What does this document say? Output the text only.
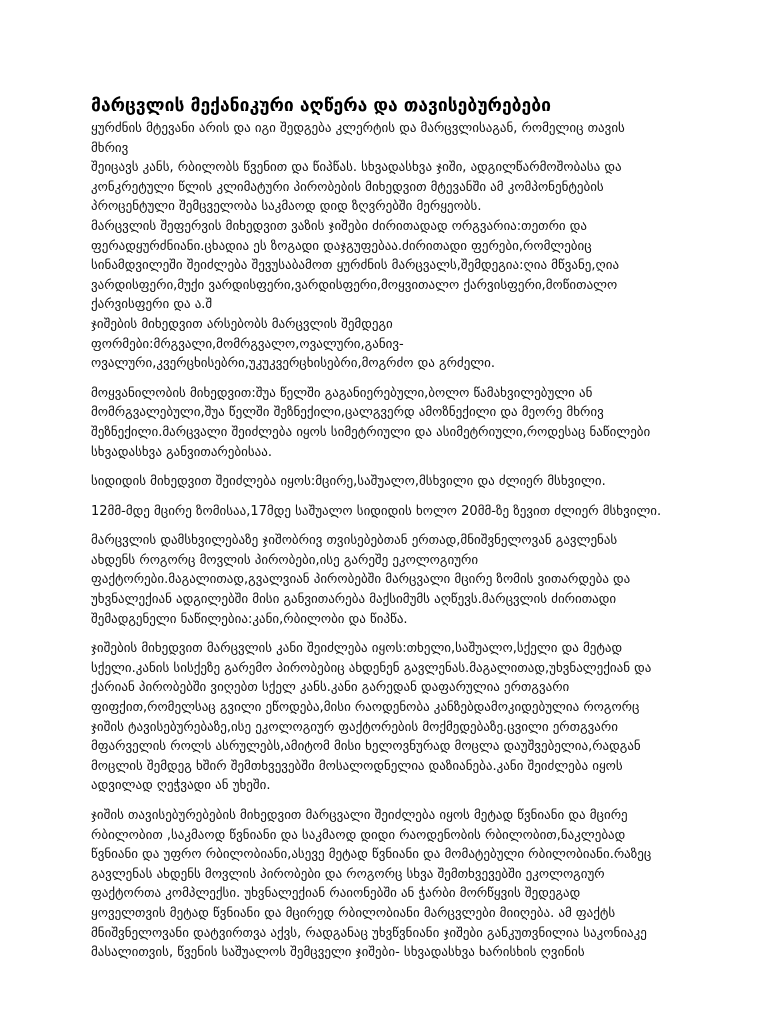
მარცვლის მექანიკური აღწერა და თავისებურებები
ყურძნის მტევანი არის და იგი შედგება კლერტის და მარცვლისაგან, რომელიც თავის
მხრივ
შეიცავს კანს, რბილობს წვენით და წიპწას. სხვადასხვა ჯიში, ადგილწარმოშობასა და
კონკრეტული წლის კლიმატური პირობების მიხედვით მტევანში ამ კომპონენტების
პროცენტული შემცველობა საკმაოდ დიდ ზღვრებში მერყეობს.
მარცვლის შეფერვის მიხედვით ვაზის ჯიშები ძირითადად ორგვარია:თეთრი და
ფერადყურძნიანი.ცხადია ეს ზოგადი დაჯგუფებაა.ძირითადი ფერები,რომლებიც
სინამდვილეში შეიძლება შევუსაბამოთ ყურძნის მარცვალს,შემდეგია:ღია მწვანე,ღია
ვარდისფერი,მუქი ვარდისფერი,ვარდისფერი,მოყვითალო ქარვისფერი,მოწითალო
ქარვისფერი და ა.შ
ჯიშების მიხედვით არსებობს მარცვლის შემდეგი
ფორმები:მრგვალი,მომრგვალო,ოვალური,განივ-
ოვალური,კვერცხისებრი,უკუკვერცხისებრი,მოგრძო და გრძელი.
მოყვანილობის მიხედვით:შუა წელში გაგანიერებული,ბოლო წამახვილებული ან
მომრგვალებული,შუა წელში შეზნექილი,ცალგვერდ ამოზნექილი და მეორე მხრივ
შეზნექილი.მარცვალი შეიძლება იყოს სიმეტრიული და ასიმეტრიული,როდესაც ნაწილები
სხვადასხვა განვითარებისაა.
სიდიდის მიხედვით შეიძლება იყოს:მცირე,საშუალო,მსხვილი და ძლიერ მსხვილი.
12მმ-მდე მცირე ზომისაა,17მდე საშუალო სიდიდის ხოლო 20მმ-ზე ზევით ძლიერ მსხვილი.
მარცვლის დამსხვილებაზე ჯიშობრივ თვისებებთან ერთად,მნიშვნელოვან გავლენას
ახდენს როგორც მოვლის პირობები,ისე გარეშე ეკოლოგიური
ფაქტორები.მაგალითად,გვალვიან პირობებში მარცვალი მცირე ზომის ვითარდება და
უხვნალექიან ადგილებში მისი განვითარება მაქსიმუმს აღწევს.მარცვლის ძირითადი
შემადგენელი ნაწილებია:კანი,რბილობი და წიპწა.
ჯიშების მიხედვით მარცვლის კანი შეიძლება იყოს:თხელი,საშუალო,სქელი და მეტად
სქელი.კანის სისქეზე გარემო პირობებიც ახდენენ გავლენას.მაგალითად,უხვნალექიან და
ქარიან პირობებში ვიღებთ სქელ კანს.კანი გარედან დაფარულია ერთგვარი
ფიფქით,რომელსაც გვილი ეწოდება,მისი რაოდენობა კანზებდამოკიდებულია როგორც
ჯიშის ტავისებურებაზე,ისე ეკოლოგიურ ფაქტორების მოქმედებაზე.ცვილი ერთგვარი
მფარველის როლს ასრულებს,ამიტომ მისი ხელოვნურად მოცლა დაუშვებელია,რადგან
მოცლის შემდეგ ხშირ შემთხვევებში მოსალოდნელია დაზიანება.კანი შეიძლება იყოს
ადვილად ღეჭვადი ან უხეში.
ჯიშის თავისებურებების მიხედვით მარცვალი შეიძლება იყოს მეტად წვნიანი და მცირე
რბილობით ,საკმაოდ წვნიანი და საკმაოდ დიდი რაოდენობის რბილობით,ნაკლებად
წვნიანი და უფრო რბილობიანი,ასევე მეტად წვნიანი და მომატებული რბილობიანი.რაზეც
გავლენას ახდენს მოვლის პირობები და როგორც სხვა შემთხვევებში ეკოლოგიურ
ფაქტორთა კომპლექსი. უხვნალექიან რაიონებში ან ჭარბი მორწყვის შედეგად
ყოველთვის მეტად წვნიანი და მცირედ რბილობიანი მარცვლები მიიღება. ამ ფაქტს
მნიშვნელოვანი დატვირთვა აქვს, რადგანაც უხვწვნიანი ჯიშები განკუთვნილია საკონიაკე
მასალითვის, წვენის საშუალოს შემცველი ჯიშები- სხვადასხვა ხარისხის ღვინის
